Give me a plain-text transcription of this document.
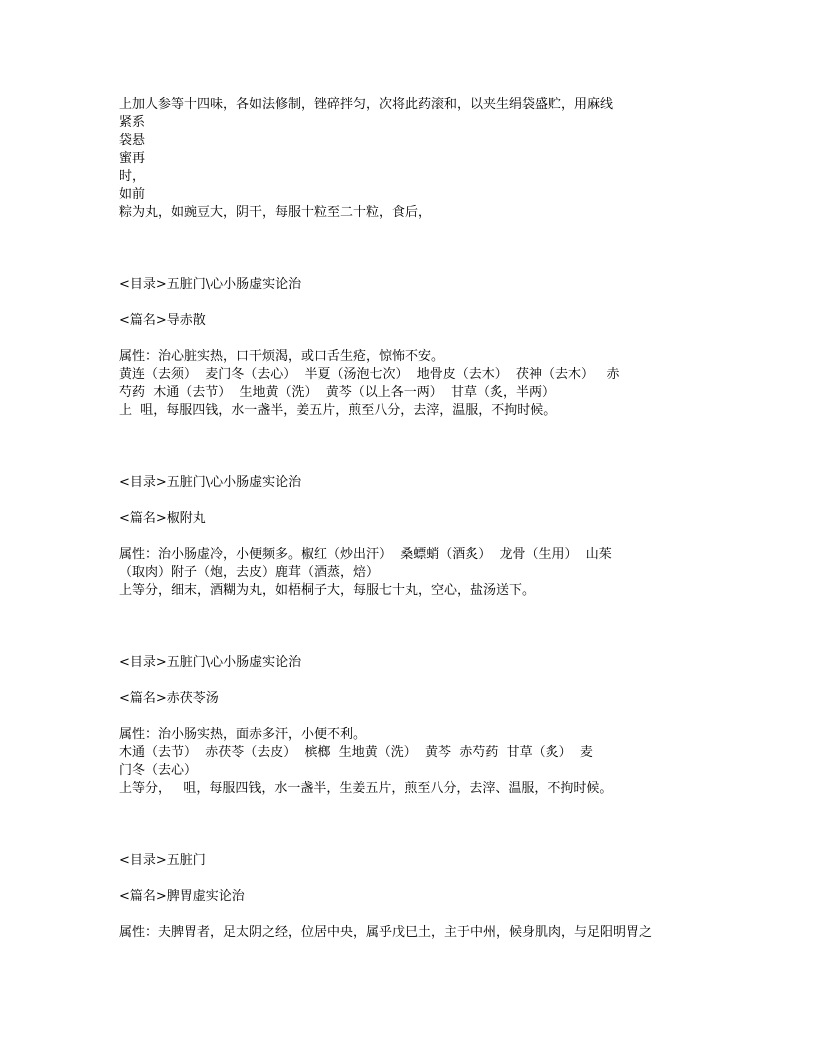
上加人参等十四味，各如法修制，锉碎拌匀，次将此药滚和，以夹生绢袋盛贮，用麻线

紧系

袋悬

蜜再

时，

如前

粽为丸，如豌豆大，阴干，每服十粒至二十粒，食后，

<目录>五脏门\心小肠虚实论治

<篇名>导赤散

属性：治心脏实热，口干烦渴，或口舌生疮，惊怖不安。

黄连（去须）  麦门冬（去心）  半夏（汤泡七次）  地骨皮（去木）  茯神（去木）   赤

芍药  木通（去节）  生地黄（洗）  黄芩（以上各一两）  甘草（炙，半两）

上  咀，每服四钱，水一盏半，姜五片，煎至八分，去滓，温服，不拘时候。

<目录>五脏门\心小肠虚实论治

<篇名>椒附丸

属性：治小肠虚冷，小便频多。椒红（炒出汗）  桑螵蛸（酒炙）  龙骨（生用）  山茱

（取肉）附子（炮，去皮）鹿茸（酒蒸，焙）

上等分，细末，酒糊为丸，如梧桐子大，每服七十丸，空心，盐汤送下。

<目录>五脏门\心小肠虚实论治

<篇名>赤茯苓汤

属性：治小肠实热，面赤多汗，小便不利。

木通（去节）  赤茯苓（去皮）  槟榔  生地黄（洗）  黄芩  赤芍药  甘草（炙）  麦

门冬（去心）

上等分，   咀，每服四钱，水一盏半，生姜五片，煎至八分，去滓、温服，不拘时候。

<目录>五脏门

<篇名>脾胃虚实论治

属性：夫脾胃者，足太阴之经，位居中央，属乎戊巳土，主于中州，候身肌肉，与足阳明胃之
